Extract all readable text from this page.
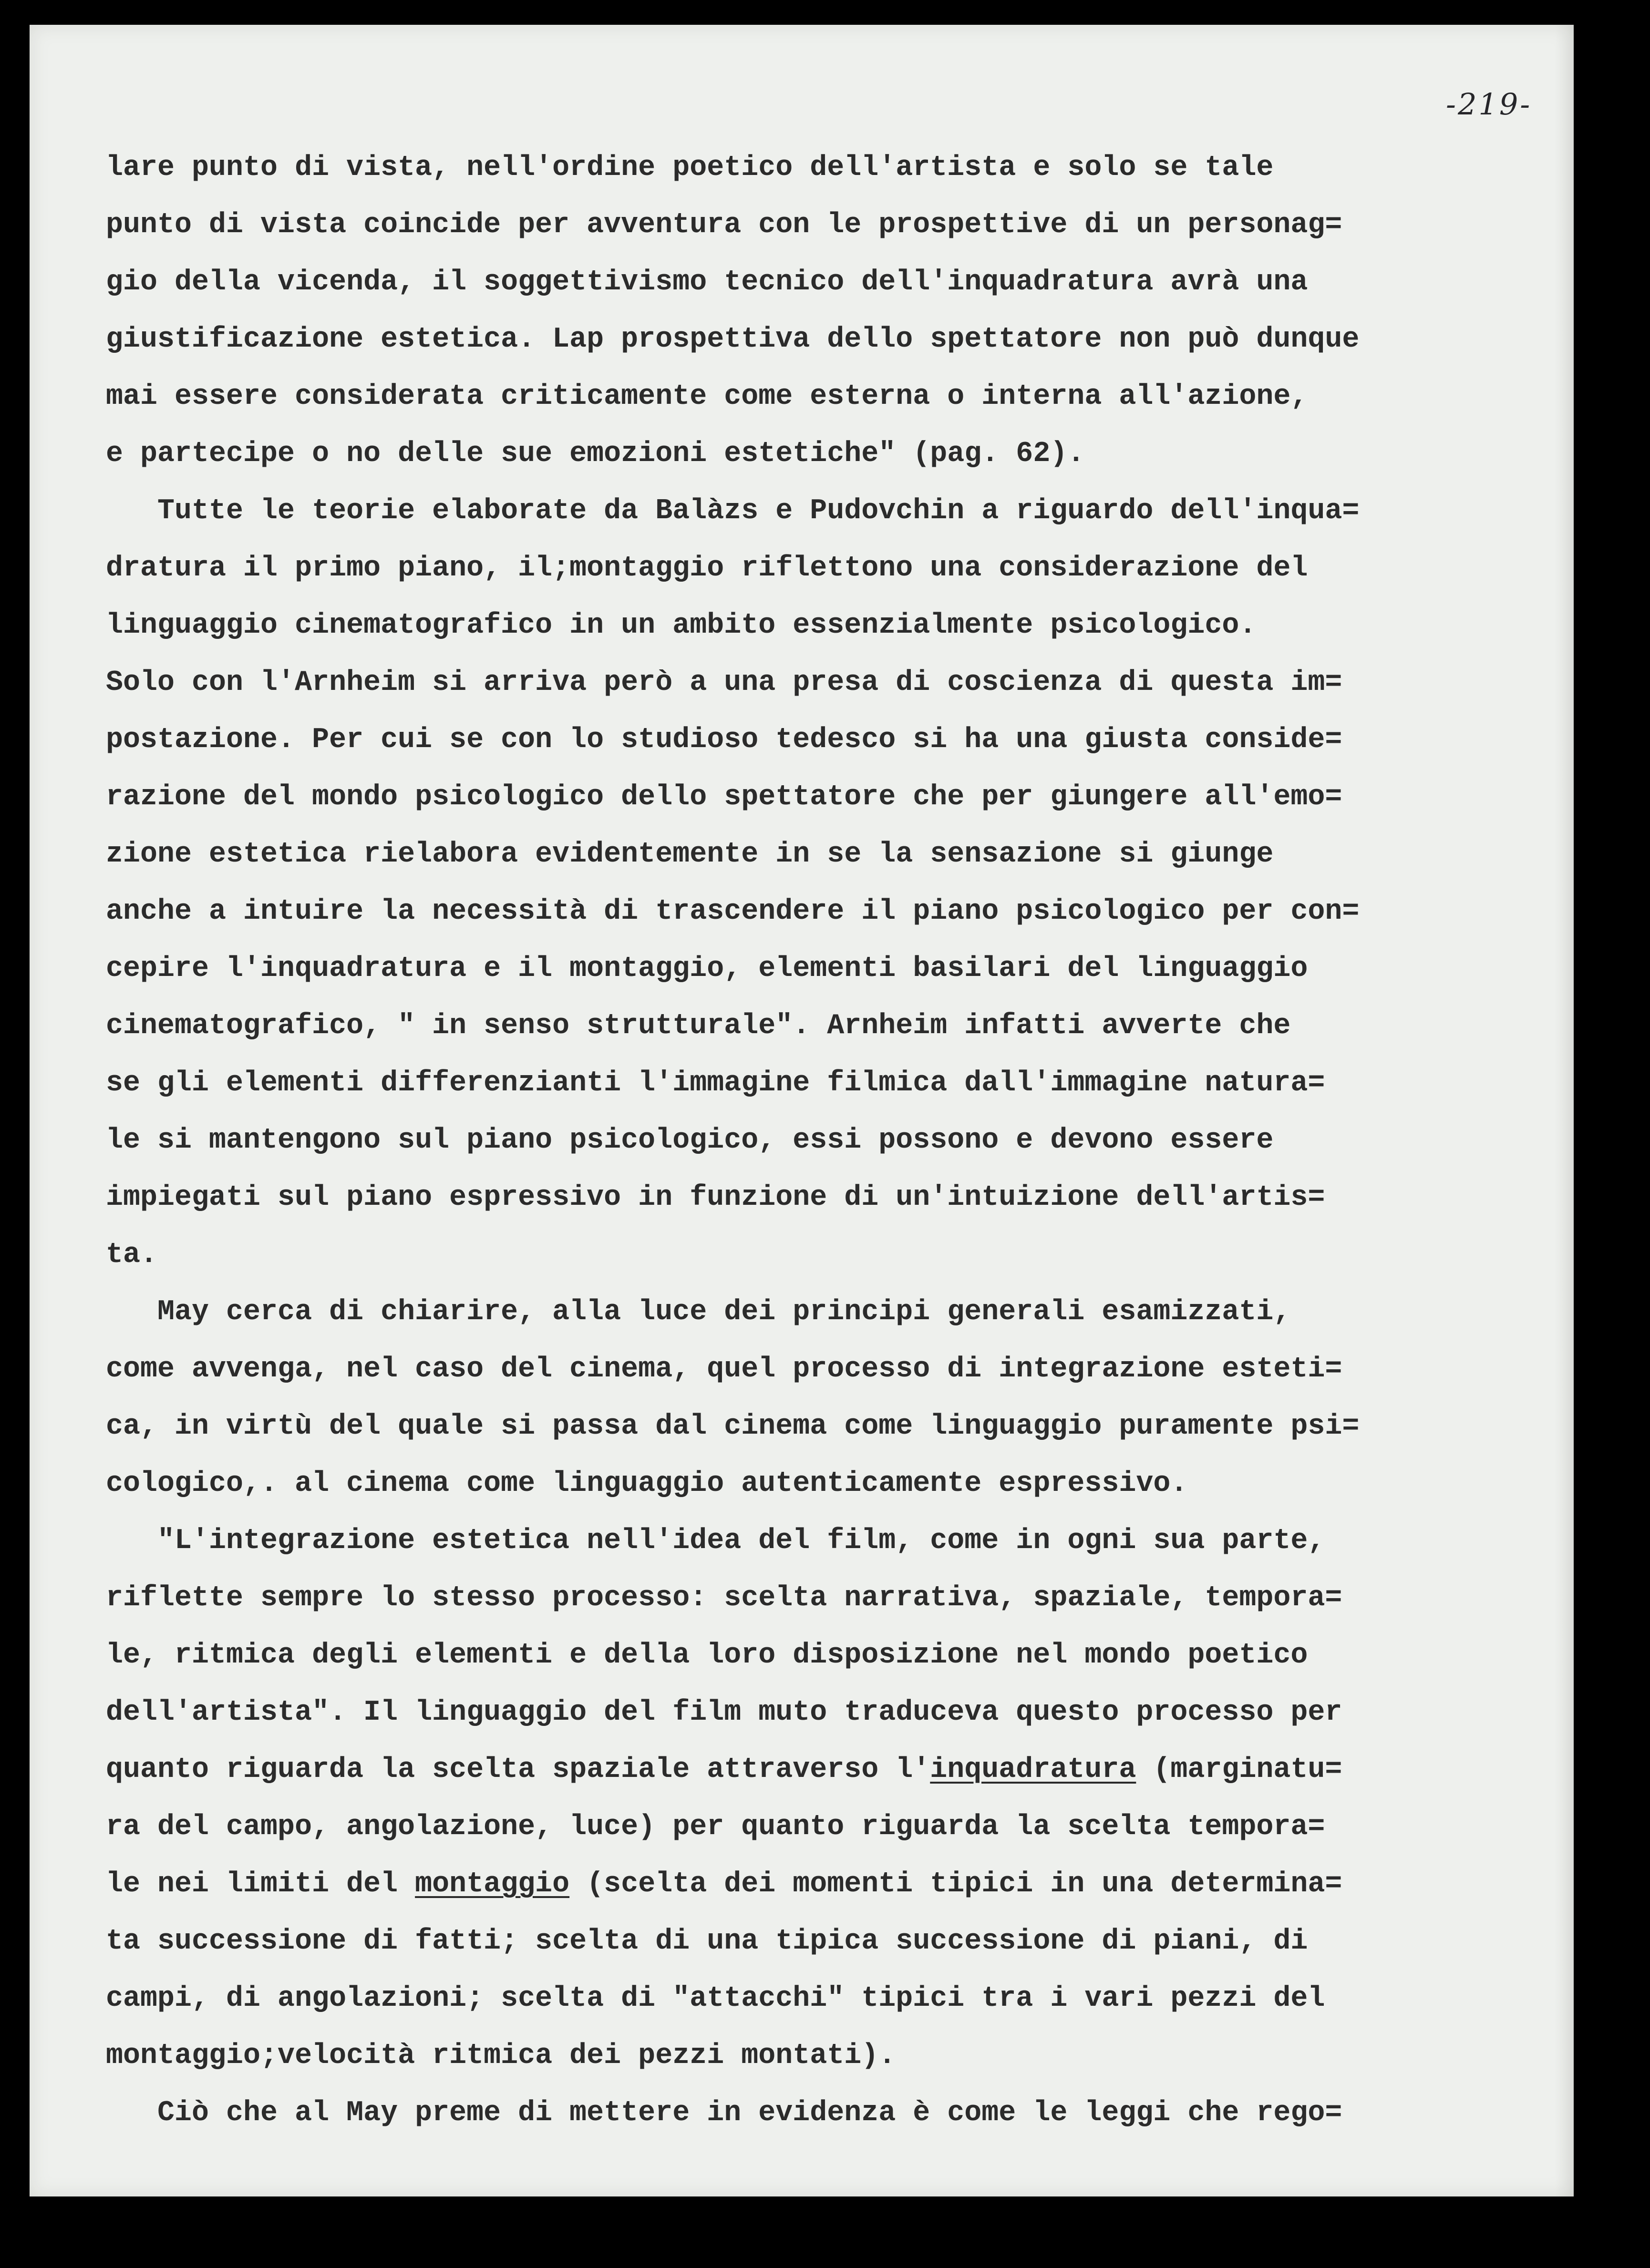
-219-
lare punto di vista, nell'ordine poetico dell'artista e solo se tale
punto di vista coincide per avventura con le prospettive di un personag=
gio della vicenda, il soggettivismo tecnico dell'inquadratura avrà una
giustificazione estetica. Lap prospettiva dello spettatore non può dunque
mai essere considerata criticamente come esterna o interna all'azione,
e partecipe o no delle sue emozioni estetiche" (pag. 62).
Tutte le teorie elaborate da Balàzs e Pudovchin a riguardo dell'inqua=
dratura il primo piano, il;montaggio riflettono una considerazione del
linguaggio cinematografico in un ambito essenzialmente psicologico.
Solo con l'Arnheim si arriva però a una presa di coscienza di questa im=
postazione. Per cui se con lo studioso tedesco si ha una giusta conside=
razione del mondo psicologico dello spettatore che per giungere all'emo=
zione estetica rielabora evidentemente in se la sensazione si giunge
anche a intuire la necessità di trascendere il piano psicologico per con=
cepire l'inquadratura e il montaggio, elementi basilari del linguaggio
cinematografico, " in senso strutturale". Arnheim infatti avverte che
se gli elementi differenzianti l'immagine filmica dall'immagine natura=
le si mantengono sul piano psicologico, essi possono e devono essere
impiegati sul piano espressivo in funzione di un'intuizione dell'artis=
ta.
May cerca di chiarire, alla luce dei principi generali esamizzati,
come avvenga, nel caso del cinema, quel processo di integrazione esteti=
ca, in virtù del quale si passa dal cinema come linguaggio puramente psi=
cologico,. al cinema come linguaggio autenticamente espressivo.
"L'integrazione estetica nell'idea del film, come in ogni sua parte,
riflette sempre lo stesso processo: scelta narrativa, spaziale, tempora=
le, ritmica degli elementi e della loro disposizione nel mondo poetico
dell'artista". Il linguaggio del film muto traduceva questo processo per
quanto riguarda la scelta spaziale attraverso l'inquadratura (marginatu=
ra del campo, angolazione, luce) per quanto riguarda la scelta tempora=
le nei limiti del montaggio (scelta dei momenti tipici in una determina=
ta successione di fatti; scelta di una tipica successione di piani, di
campi, di angolazioni; scelta di "attacchi" tipici tra i vari pezzi del
montaggio;velocità ritmica dei pezzi montati).
Ciò che al May preme di mettere in evidenza è come le leggi che rego=
